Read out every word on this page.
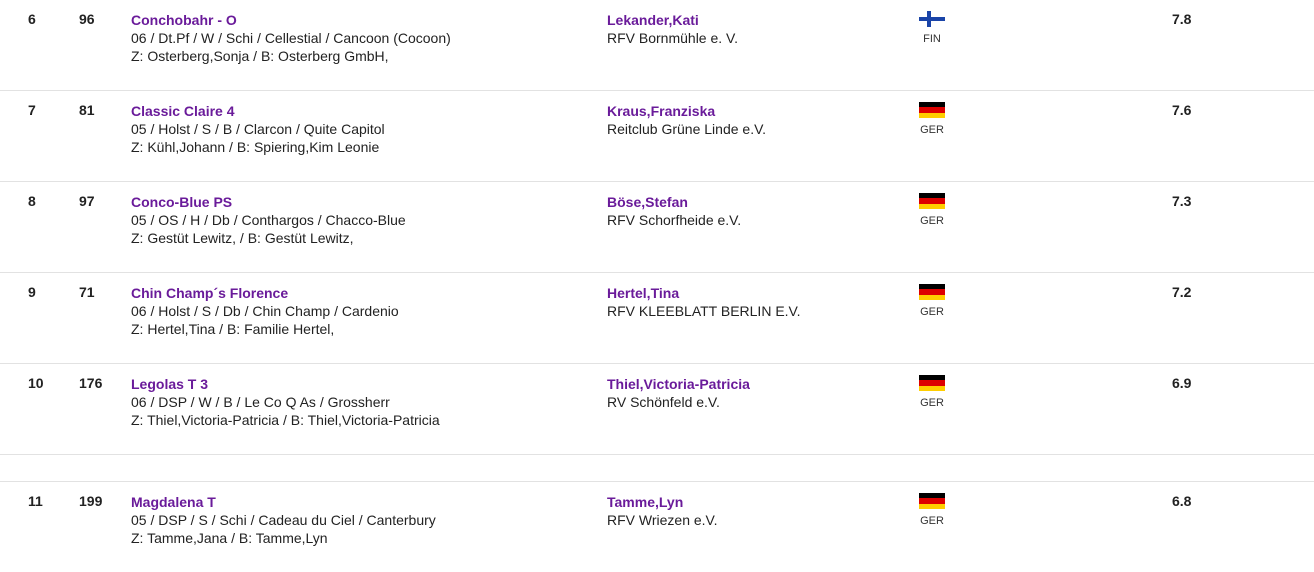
6	96	Conchobahr - O
06 / Dt.Pf / W / Schi / Cellestial / Cancoon (Cocoon)
Z: Osterberg,Sonja / B: Osterberg GmbH,
Lekander,Kati
RFV Bornmühle e. V.	FIN
7.8
7	81	Classic Claire 4
05 / Holst / S / B / Clarcon / Quite Capitol
Z: Kühl,Johann / B: Spiering,Kim Leonie
Kraus,Franziska
Reitclub Grüne Linde e.V.	GER
7.6
8	97	Conco-Blue PS
05 / OS / H / Db / Conthargos / Chacco-Blue
Z: Gestüt Lewitz, / B: Gestüt Lewitz,
Böse,Stefan
RFV Schorfheide e.V.	GER
7.3
9	71	Chin Champ´s Florence
06 / Holst / S / Db / Chin Champ / Cardenio
Z: Hertel,Tina / B: Familie Hertel,
Hertel,Tina
RFV KLEEBLATT BERLIN E.V.	GER
7.2
10	176	Legolas T 3
06 / DSP / W / B / Le Co Q As / Grossherr
Z: Thiel,Victoria-Patricia / B: Thiel,Victoria-Patricia
Thiel,Victoria-Patricia
RV Schönfeld e.V.	GER
6.9
11	199	Magdalena T
05 / DSP / S / Schi / Cadeau du Ciel / Canterbury
Z: Tamme,Jana / B: Tamme,Lyn
Tamme,Lyn
RFV Wriezen e.V.	GER
6.8
